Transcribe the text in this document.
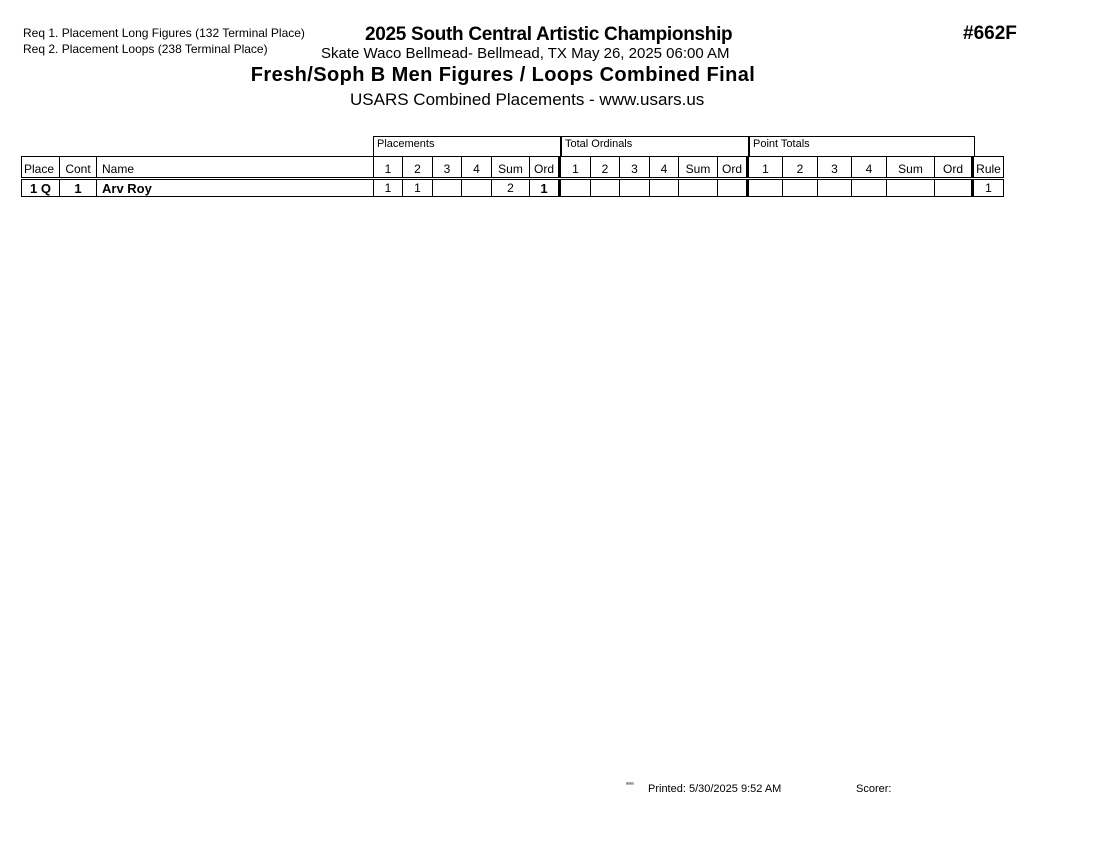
Req 1. Placement Long Figures (132 Terminal Place)
Req 2. Placement Loops (238 Terminal Place)
2025 South Central Artistic Championship
Skate Waco Bellmead- Bellmead, TX May 26, 2025 06:00 AM
Fresh/Soph B Men Figures / Loops Combined Final
USARS Combined Placements - www.usars.us
#662F
Placements	Total Ordinals	Point Totals
Place	Cont	Name	1	2	3	4	Sum	Ord	1	2	3	4	Sum	Ord	1	2	3	4	Sum	Ord	Rule
1 Q	1	Arv Roy	1	1			2	1													1
ᵃᵃᶦᵃ Printed: 5/30/2025 9:52 AM	Scorer:
